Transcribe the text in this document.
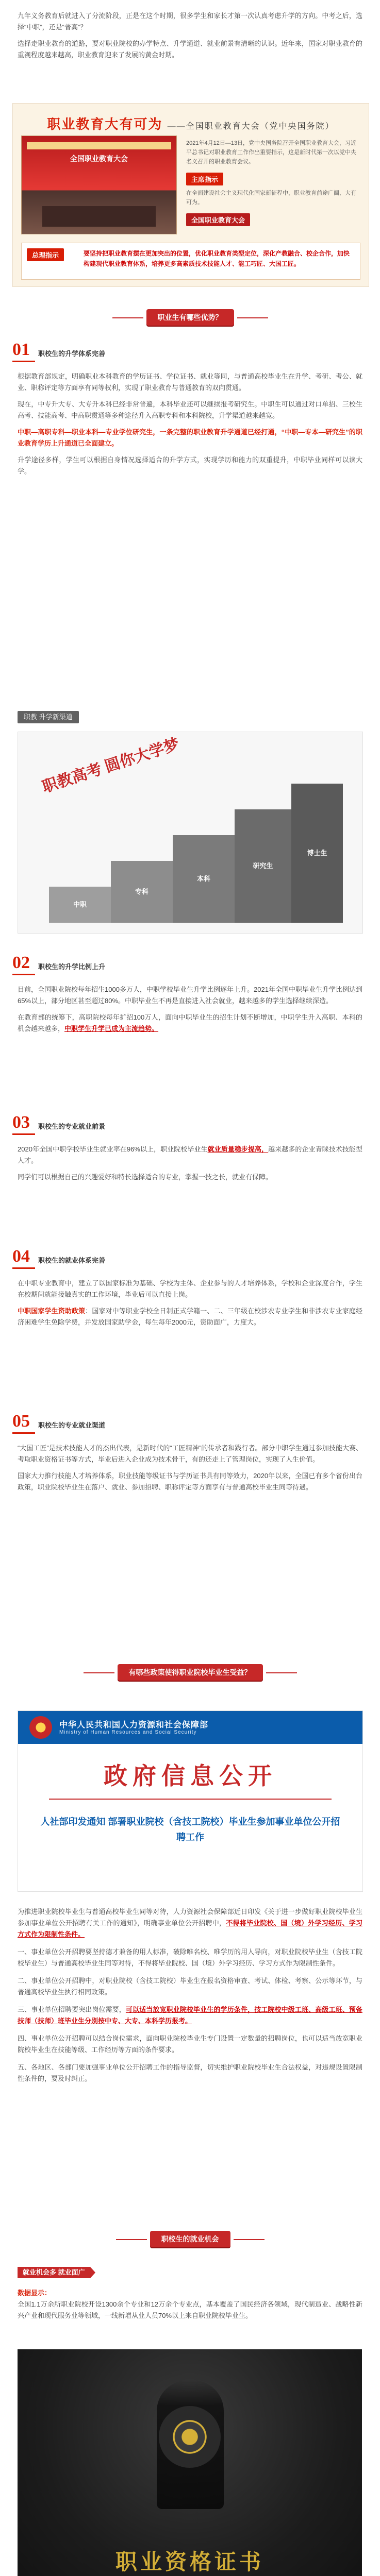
九年义务教育后就进入了分流阶段，正是在这个时期，很多学生和家长才第一次认真考虑升学的方向。中考之后，选择“中职”，还是“普高”？

选择走职业教育的道路，要对职业院校的办学特点、升学通道、就业前景有清晰的认识。近年来，国家对职业教育的重视程度越来越高，职业教育迎来了发展的黄金时期。

职业教育大有可为 ——全国职业教育大会（党中央国务院）
全国职业教育大会
2021年4月12日—13日，党中央国务院召开全国职业教育大会，习近平总书记对职业教育工作作出重要指示，这是新时代第一次以党中央名义召开的职业教育会议。
主席指示
在全面建设社会主义现代化国家新征程中，职业教育前途广阔、大有可为。
全国职业教育大会
总理指示	要坚持把职业教育摆在更加突出的位置，优化职业教育类型定位，深化产教融合、校企合作，加快构建现代职业教育体系，培养更多高素质技术技能人才、能工巧匠、大国工匠。
职业生有哪些优势？
01	职校生的升学体系完善

根据教育部规定，明确职业本科教育的学历证书、学位证书、就业等同，与普通高校毕业生在升学、考研、考公、就业、职称评定等方面享有同等权利，实现了职业教育与普通教育的双向贯通。

现在，中专升大专、大专升本科已经非常普遍，本科毕业还可以继续报考研究生。中职生可以通过对口单招、三校生高考、技能高考、中高职贯通等多种途径升入高职专科和本科院校，升学渠道越来越宽。

中职—高职专科—职业本科—专业学位研究生，一条完整的职业教育升学通道已经打通，“中职—专本—研究生”的职业教育学历上升通道已全面建立。

升学途径多样，学生可以根据自身情况选择适合的升学方式，实现学历和能力的双重提升，中职毕业同样可以读大学。

职教 升学新渠道
职教高考 圆你大学梦
中职
专科
本科
研究生
博士生
02	职校生的升学比例上升

目前，全国职业院校每年招生1000多万人，中职学校毕业生升学比例逐年上升。2021年全国中职毕业生升学比例达到65%以上，部分地区甚至超过80%。中职毕业生不再是直接进入社会就业，越来越多的学生选择继续深造。

在教育部的统筹下，高职院校每年扩招100万人，面向中职毕业生的招生计划不断增加，中职学生升入高职、本科的机会越来越多，中职学生升学已成为主流趋势。

03	职校生的专业就业前景

2020年全国中职学校毕业生就业率在96%以上，职业院校毕业生就业质量稳步提高，越来越多的企业青睐技术技能型人才。

同学们可以根据自己的兴趣爱好和特长选择适合的专业，掌握一技之长，就业有保障。

04	职校生的就业体系完善

在中职专业教育中，建立了以国家标准为基础、学校为主体、企业参与的人才培养体系，学校和企业深度合作，学生在校期间就能接触真实的工作环境，毕业后可以直接上岗。

中职国家学生资助政策：国家对中等职业学校全日制正式学籍一、二、三年级在校涉农专业学生和非涉农专业家庭经济困难学生免除学费，并发放国家助学金，每生每年2000元，资助面广，力度大。

05	职校生的专业就业渠道

“大国工匠”是技术技能人才的杰出代表，是新时代的“工匠精神”的传承者和践行者。部分中职学生通过参加技能大赛、考取职业资格证书等方式，毕业后进入企业成为技术骨干，有的还走上了管理岗位，实现了人生价值。

国家大力推行技能人才培养体系，职业技能等级证书与学历证书具有同等效力，2020年以来，全国已有多个省份出台政策，职业院校毕业生在落户、就业、参加招聘、职称评定等方面享有与普通高校毕业生同等待遇。

有哪些政策使得职业院校毕业生受益？
中华人民共和国人力资源和社会保障部
Ministry of Human Resources and Social Security
政府信息公开
人社部印发通知 部署职业院校（含技工院校）毕业生参加事业单位公开招聘工作

为推进职业院校毕业生与普通高校毕业生同等对待，人力资源社会保障部近日印发《关于进一步做好职业院校毕业生参加事业单位公开招聘有关工作的通知》，明确事业单位公开招聘中，不得将毕业院校、国（境）外学习经历、学习方式作为限制性条件。

一、事业单位公开招聘要坚持德才兼备的用人标准，破除唯名校、唯学历的用人导向，对职业院校毕业生（含技工院校毕业生）与普通高校毕业生同等对待，不得将毕业院校、国（境）外学习经历、学习方式作为限制性条件。

二、事业单位公开招聘中，对职业院校（含技工院校）毕业生在报名资格审查、考试、体检、考察、公示等环节，与普通高校毕业生执行相同政策。

三、事业单位招聘要突出岗位需要，可以适当放宽职业院校毕业生的学历条件，技工院校中级工班、高级工班、预备技师（技师）班毕业生分别按中专、大专、本科学历报考。

四、事业单位公开招聘可以结合岗位需求，面向职业院校毕业生专门设置一定数量的招聘岗位，也可以适当放宽职业院校毕业生在技能等级、工作经历等方面的条件要求。

五、各地区、各部门要加强事业单位公开招聘工作的指导监督，切实维护职业院校毕业生合法权益，对违规设置限制性条件的，要及时纠正。

职校生的就业机会
就业机会多 就业面广

数据显示：

全国1.1万余所职业院校开设1300余个专业和12万余个专业点，基本覆盖了国民经济各领域，现代制造业、战略性新兴产业和现代服务业等领域，一线新增从业人员70%以上来自职业院校毕业生。

职业资格证书
